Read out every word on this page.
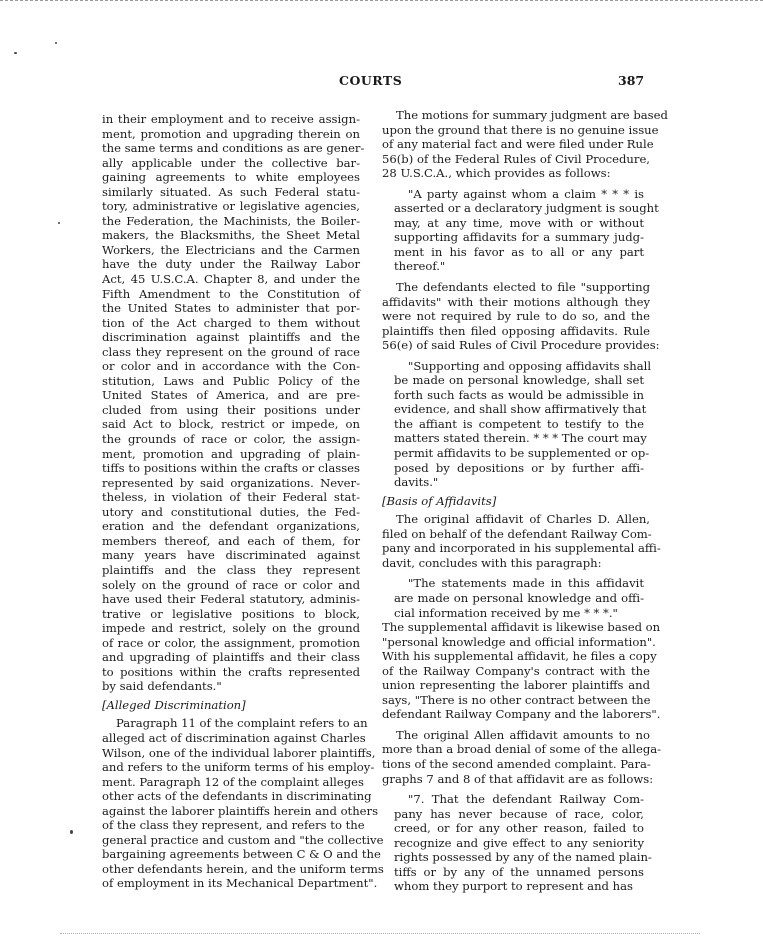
COURTS	387
in their employment and to receive assign-
ment, promotion and upgrading therein on
the same terms and conditions as are gener-
ally applicable under the collective bar-
gaining agreements to white employees
similarly situated. As such Federal statu-
tory, administrative or legislative agencies,
the Federation, the Machinists, the Boiler-
makers, the Blacksmiths, the Sheet Metal
Workers, the Electricians and the Carmen
have the duty under the Railway Labor
Act, 45 U.S.C.A. Chapter 8, and under the
Fifth Amendment to the Constitution of
the United States to administer that por-
tion of the Act charged to them without
discrimination against plaintiffs and the
class they represent on the ground of race
or color and in accordance with the Con-
stitution, Laws and Public Policy of the
United States of America, and are pre-
cluded from using their positions under
said Act to block, restrict or impede, on
the grounds of race or color, the assign-
ment, promotion and upgrading of plain-
tiffs to positions within the crafts or classes
represented by said organizations. Never-
theless, in violation of their Federal stat-
utory and constitutional duties, the Fed-
eration and the defendant organizations,
members thereof, and each of them, for
many years have discriminated against
plaintiffs and the class they represent
solely on the ground of race or color and
have used their Federal statutory, adminis-
trative or legislative positions to block,
impede and restrict, solely on the ground
of race or color, the assignment, promotion
and upgrading of plaintiffs and their class
to positions within the crafts represented
by said defendants."
[Alleged Discrimination]
Paragraph 11 of the complaint refers to an
alleged act of discrimination against Charles
Wilson, one of the individual laborer plaintiffs,
and refers to the uniform terms of his employ-
ment. Paragraph 12 of the complaint alleges
other acts of the defendants in discriminating
against the laborer plaintiffs herein and others
of the class they represent, and refers to the
general practice and custom and "the collective
bargaining agreements between C & O and the
other defendants herein, and the uniform terms
of employment in its Mechanical Department".
The motions for summary judgment are based
upon the ground that there is no genuine issue
of any material fact and were filed under Rule
56(b) of the Federal Rules of Civil Procedure,
28 U.S.C.A., which provides as follows:
"A party against whom a claim * * * is
asserted or a declaratory judgment is sought
may, at any time, move with or without
supporting affidavits for a summary judg-
ment in his favor as to all or any part
thereof."
The defendants elected to file "supporting
affidavits" with their motions although they
were not required by rule to do so, and the
plaintiffs then filed opposing affidavits. Rule
56(e) of said Rules of Civil Procedure provides:
"Supporting and opposing affidavits shall
be made on personal knowledge, shall set
forth such facts as would be admissible in
evidence, and shall show affirmatively that
the affiant is competent to testify to the
matters stated therein. * * * The court may
permit affidavits to be supplemented or op-
posed by depositions or by further affi-
davits."
[Basis of Affidavits]
The original affidavit of Charles D. Allen,
filed on behalf of the defendant Railway Com-
pany and incorporated in his supplemental affi-
davit, concludes with this paragraph:
"The statements made in this affidavit
are made on personal knowledge and offi-
cial information received by me * * *."
The supplemental affidavit is likewise based on
"personal knowledge and official information".
With his supplemental affidavit, he files a copy
of the Railway Company's contract with the
union representing the laborer plaintiffs and
says, "There is no other contract between the
defendant Railway Company and the laborers".
The original Allen affidavit amounts to no
more than a broad denial of some of the allega-
tions of the second amended complaint. Para-
graphs 7 and 8 of that affidavit are as follows:
"7. That the defendant Railway Com-
pany has never because of race, color,
creed, or for any other reason, failed to
recognize and give effect to any seniority
rights possessed by any of the named plain-
tiffs or by any of the unnamed persons
whom they purport to represent and has
